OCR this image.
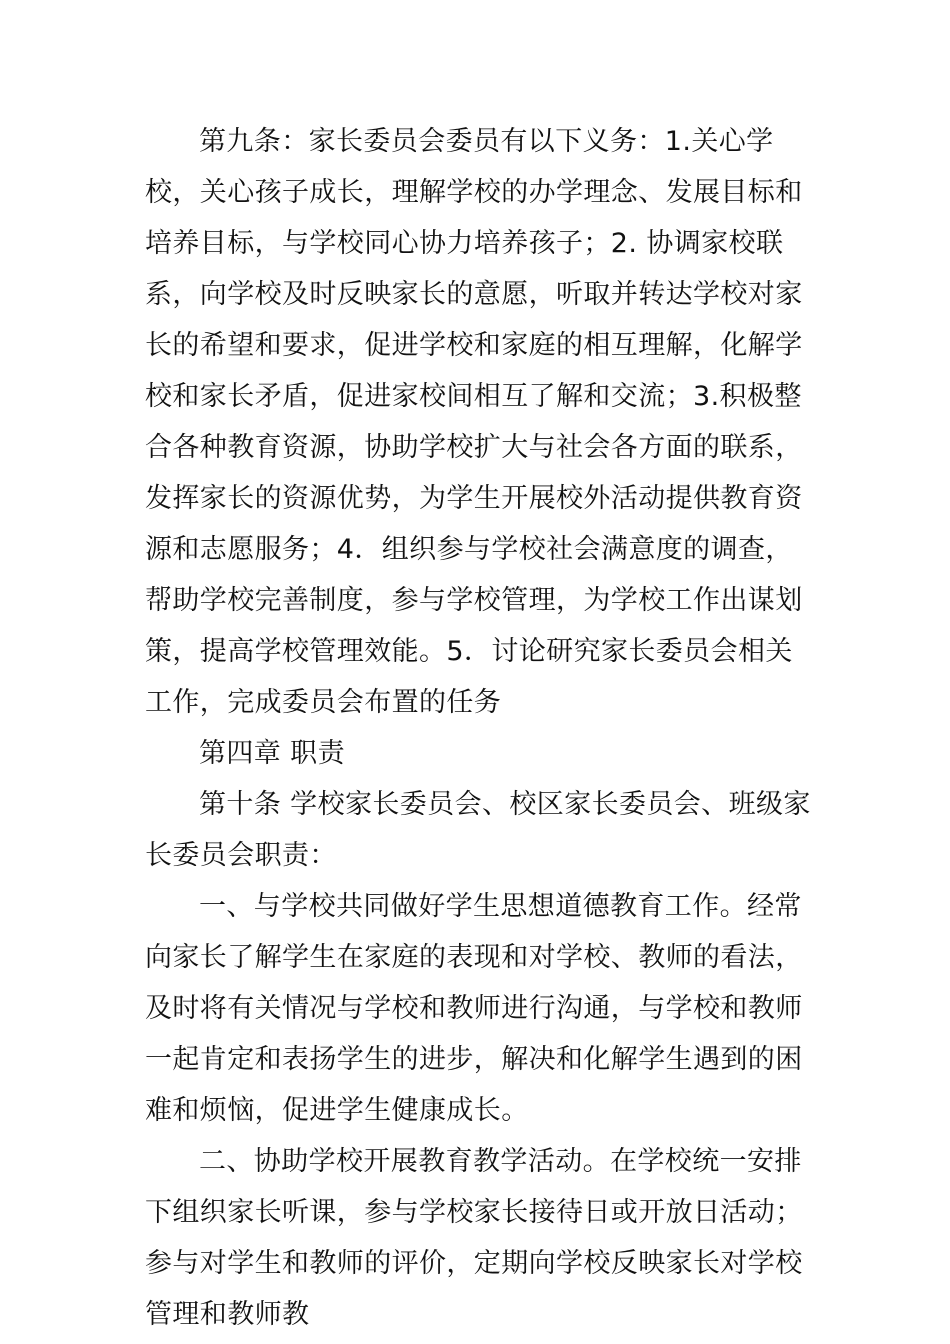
第九条：家长委员会委员有以下义务：1.关心学校，关心孩子成长，理解学校的办学理念、发展目标和培养目标，与学校同心协力培养孩子；2. 协调家校联系，向学校及时反映家长的意愿，听取并转达学校对家长的希望和要求，促进学校和家庭的相互理解，化解学校和家长矛盾，促进家校间相互了解和交流；3.积极整合各种教育资源，协助学校扩大与社会各方面的联系，发挥家长的资源优势，为学生开展校外活动提供教育资源和志愿服务；4．组织参与学校社会满意度的调查，帮助学校完善制度，参与学校管理，为学校工作出谋划策，提高学校管理效能。5．讨论研究家长委员会相关工作，完成委员会布置的任务

第四章 职责

第十条 学校家长委员会、校区家长委员会、班级家长委员会职责：

一、与学校共同做好学生思想道德教育工作。经常向家长了解学生在家庭的表现和对学校、教师的看法，及时将有关情况与学校和教师进行沟通，与学校和教师一起肯定和表扬学生的进步，解决和化解学生遇到的困难和烦恼，促进学生健康成长。

二、协助学校开展教育教学活动。在学校统一安排下组织家长听课，参与学校家长接待日或开放日活动；参与对学生和教师的评价，定期向学校反映家长对学校管理和教师教
